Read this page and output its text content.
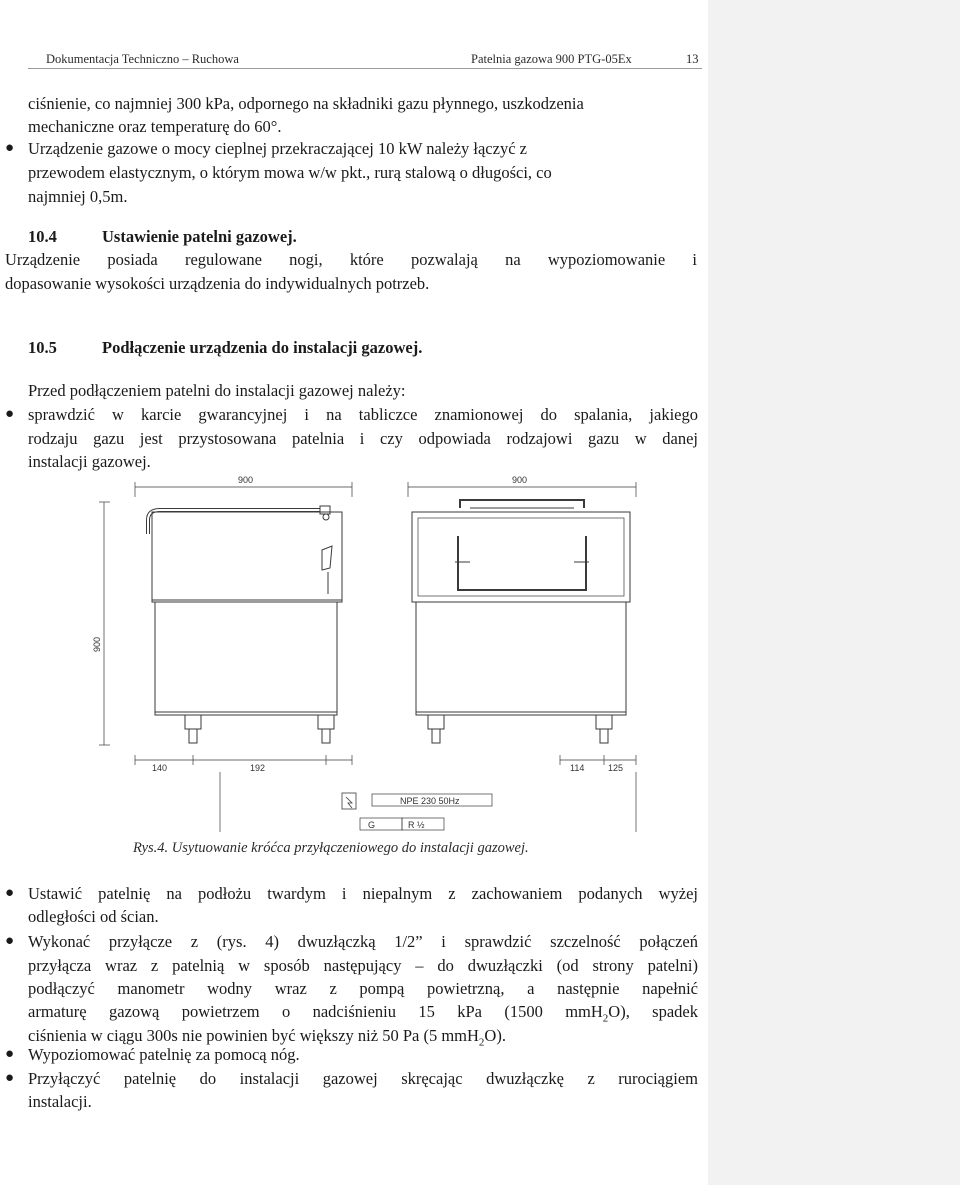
Dokumentacja Techniczno – Ruchowa	Patelnia gazowa 900 PTG-05Ex	13
ciśnienie, co najmniej 300 kPa, odpornego na składniki gazu płynnego, uszkodzenia
mechaniczne oraz temperaturę do 60°.
● Urządzenie gazowe o mocy cieplnej przekraczającej 10 kW należy łączyć z
przewodem elastycznym, o którym mowa w/w pkt., rurą stalową o długości, co
najmniej 0,5m.
10.4	Ustawienie patelni gazowej.
Urządzenie posiada regulowane nogi, które pozwalają na wypoziomowanie i
dopasowanie wysokości urządzenia do indywidualnych potrzeb.
10.5	Podłączenie urządzenia do instalacji gazowej.
Przed podłączeniem patelni do instalacji gazowej należy:
● sprawdzić w karcie gwarancyjnej i na tabliczce znamionowej do spalania, jakiego
rodzaju gazu jest przystosowana patelnia i czy odpowiada rodzajowi gazu w danej
instalacji gazowej.
900
900
140	192
900
114	125
NPE 230 50Hz
G	R ½
Rys.4. Usytuowanie króćca przyłączeniowego do instalacji gazowej.
● Ustawić patelnię na podłożu twardym i niepalnym z zachowaniem podanych wyżej
odległości od ścian.
● Wykonać przyłącze z (rys. 4) dwuzłączką 1/2” i sprawdzić szczelność połączeń
przyłącza wraz z patelnią w sposób następujący – do dwuzłączki (od strony patelni)
podłączyć manometr wodny wraz z pompą powietrzną, a następnie napełnić
armaturę gazową powietrzem o nadciśnieniu 15 kPa (1500 mmH$_2$O), spadek
ciśnienia w ciągu 300s nie powinien być większy niż 50 Pa (5 mmH$_2$O).
● Wypoziomować patelnię za pomocą nóg.
● Przyłączyć patelnię do instalacji gazowej skręcając dwuzłączkę z rurociągiem
instalacji.
